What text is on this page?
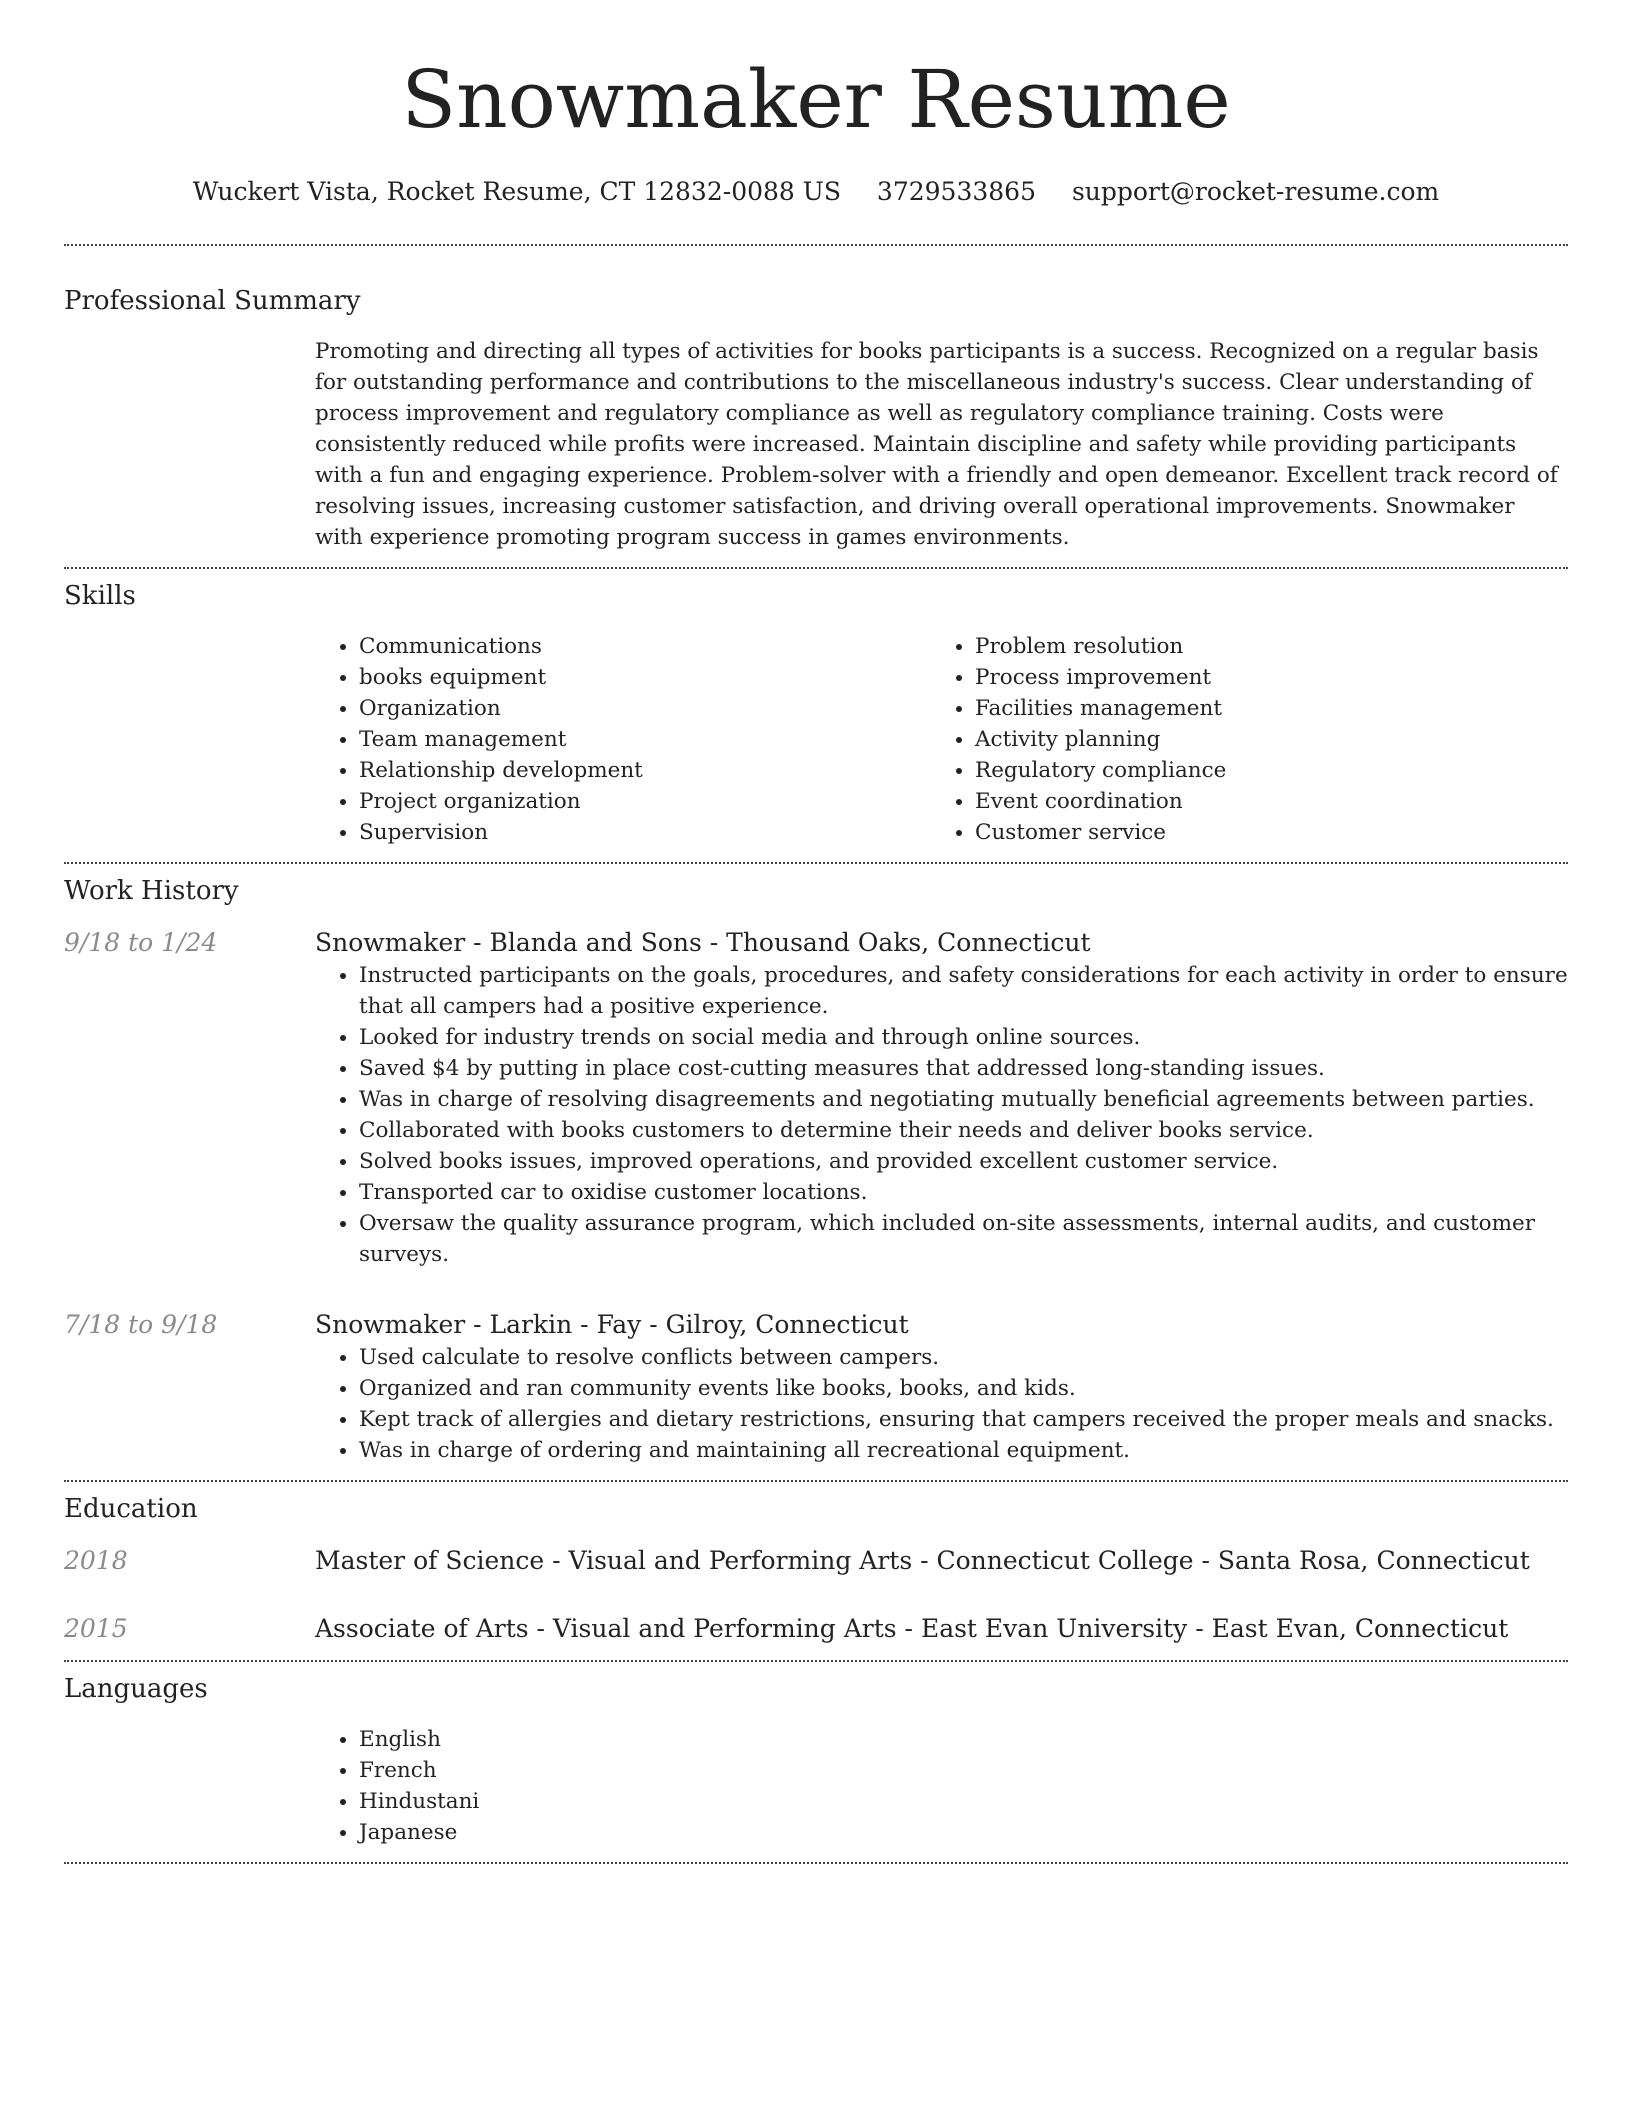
Snowmaker Resume
Wuckert Vista, Rocket Resume, CT 12832-0088 US 3729533865 support@rocket-resume.com
Professional Summary

Promoting and directing all types of activities for books participants is a success. Recognized on a regular basis for outstanding performance and contributions to the miscellaneous industry's success. Clear understanding of process improvement and regulatory compliance as well as regulatory compliance training. Costs were consistently reduced while profits were increased. Maintain discipline and safety while providing participants with a fun and engaging experience. Problem-solver with a friendly and open demeanor. Excellent track record of resolving issues, increasing customer satisfaction, and driving overall operational improvements. Snowmaker with experience promoting program success in games environments.

Skills
• Communications
• books equipment
• Organization
• Team management
• Relationship development
• Project organization
• Supervision
• Problem resolution
• Process improvement
• Facilities management
• Activity planning
• Regulatory compliance
• Event coordination
• Customer service
Work History
9/18 to 1/24	Snowmaker - Blanda and Sons - Thousand Oaks, Connecticut
• Instructed participants on the goals, procedures, and safety considerations for each activity in order to ensure that all campers had a positive experience.
• Looked for industry trends on social media and through online sources.
• Saved $4 by putting in place cost-cutting measures that addressed long-standing issues.
• Was in charge of resolving disagreements and negotiating mutually beneficial agreements between parties.
• Collaborated with books customers to determine their needs and deliver books service.
• Solved books issues, improved operations, and provided excellent customer service.
• Transported car to oxidise customer locations.
• Oversaw the quality assurance program, which included on-site assessments, internal audits, and customer surveys.
7/18 to 9/18	Snowmaker - Larkin - Fay - Gilroy, Connecticut
• Used calculate to resolve conflicts between campers.
• Organized and ran community events like books, books, and kids.
• Kept track of allergies and dietary restrictions, ensuring that campers received the proper meals and snacks.
• Was in charge of ordering and maintaining all recreational equipment.
Education
2018	Master of Science - Visual and Performing Arts - Connecticut College - Santa Rosa, Connecticut
2015	Associate of Arts - Visual and Performing Arts - East Evan University - East Evan, Connecticut
Languages
• English
• French
• Hindustani
• Japanese
